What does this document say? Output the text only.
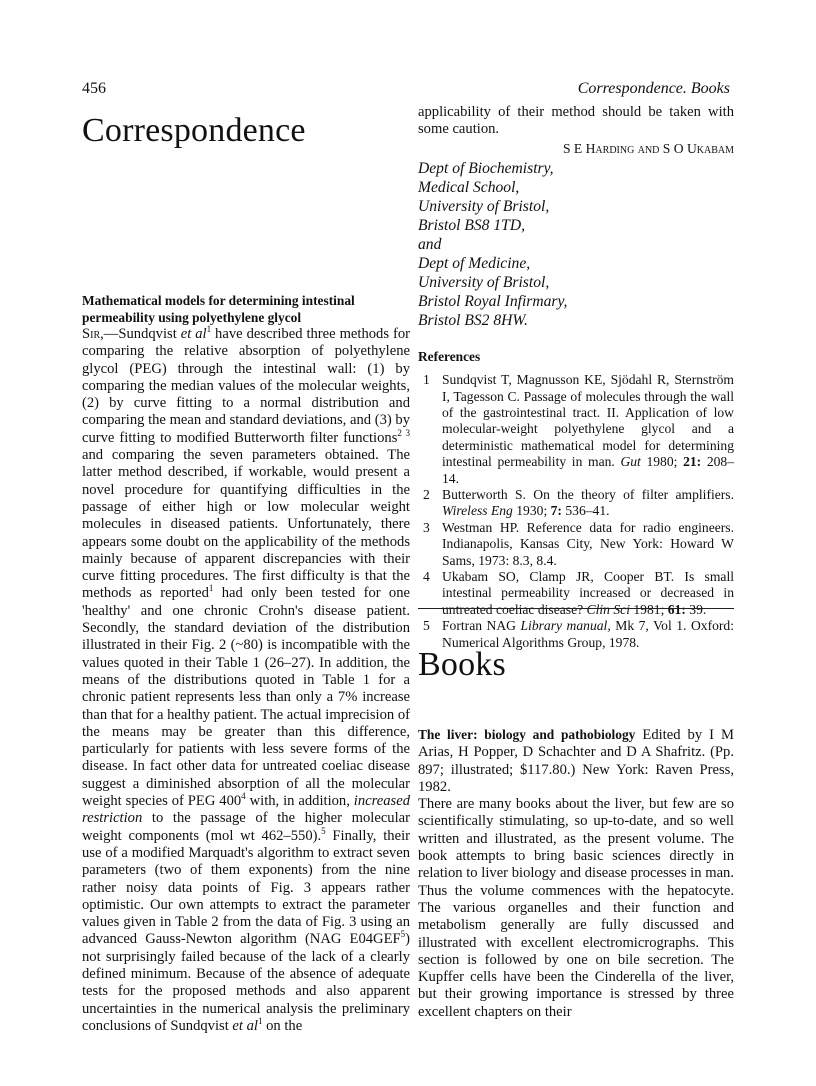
456	Correspondence. Books
Correspondence

Mathematical models for determining intestinal permeability using polyethylene glycol

Sir,—Sundqvist et $al^1$ have described three methods for comparing the relative absorption of polyethylene glycol (PEG) through the intestinal wall: (1) by comparing the median values of the molecular weights, (2) by curve fitting to a normal distribution and comparing the mean and standard deviations, and (3) by curve fitting to modified Butterworth filter functions$^{2 3}$ and comparing the seven parameters obtained. The latter method described, if workable, would present a novel procedure for quantifying difficulties in the passage of either high or low molecular weight molecules in diseased patients. Unfortunately, there appears some doubt on the applicability of the methods mainly because of apparent discrepancies with their curve fitting procedures. The first difficulty is that the methods as reported$^1$ had only been tested for one 'healthy' and one chronic Crohn's disease patient. Secondly, the standard deviation of the distribution illustrated in their Fig. 2 (~80) is incompatible with the values quoted in their Table 1 (26–27). In addition, the means of the distributions quoted in Table 1 for a chronic patient represents less than only a 7% increase than that for a healthy patient. The actual imprecision of the means may be greater than this difference, particularly for patients with less severe forms of the disease. In fact other data for untreated coeliac disease suggest a diminished absorption of all the molecular weight species of PEG $400^4$ with, in addition, increased restriction to the passage of the higher molecular weight components (mol wt 462–550).$^5$ Finally, their use of a modified Marquadt's algorithm to extract seven parameters (two of them exponents) from the nine rather noisy data points of Fig. 3 appears rather optimistic. Our own attempts to extract the parameter values given in Table 2 from the data of Fig. 3 using an advanced Gauss-Newton algorithm (NAG E04GEF$^5$) not surprisingly failed because of the lack of a clearly defined minimum. Because of the absence of adequate tests for the proposed methods and also apparent uncertainties in the numerical analysis the preliminary conclusions of Sundqvist et $al^1$ on the

applicability of their method should be taken with some caution.

S E Harding and S O Ukabam

Dept of Biochemistry,
Medical School,
University of Bristol,
Bristol BS8 1TD,
and
Dept of Medicine,
University of Bristol,
Bristol Royal Infirmary,
Bristol BS2 8HW.

References

1 Sundqvist T, Magnusson KE, Sjödahl R, Sternström I, Tagesson C. Passage of molecules through the wall of the gastrointestinal tract. II. Application of low molecular-weight polyethylene glycol and a deterministic mathematical model for determining intestinal permeability in man. Gut 1980; 21: 208–14.
2 Butterworth S. On the theory of filter amplifiers. Wireless Eng 1930; 7: 536–41.
3 Westman HP. Reference data for radio engineers. Indianapolis, Kansas City, New York: Howard W Sams, 1973: 8.3, 8.4.
4 Ukabam SO, Clamp JR, Cooper BT. Is small intestinal permeability increased or decreased in untreated coeliac disease? Clin Sci 1981; 61: 39.
5 Fortran NAG Library manual, Mk 7, Vol 1. Oxford: Numerical Algorithms Group, 1978.
Books

The liver: biology and pathobiology Edited by I M Arias, H Popper, D Schachter and D A Shafritz. (Pp. 897; illustrated; $117.80.) New York: Raven Press, 1982.

There are many books about the liver, but few are so scientifically stimulating, so up-to-date, and so well written and illustrated, as the present volume. The book attempts to bring basic sciences directly in relation to liver biology and disease processes in man. Thus the volume commences with the hepatocyte. The various organelles and their function and metabolism generally are fully discussed and illustrated with excellent electromicrographs. This section is followed by one on bile secretion. The Kupffer cells have been the Cinderella of the liver, but their growing importance is stressed by three excellent chapters on their
